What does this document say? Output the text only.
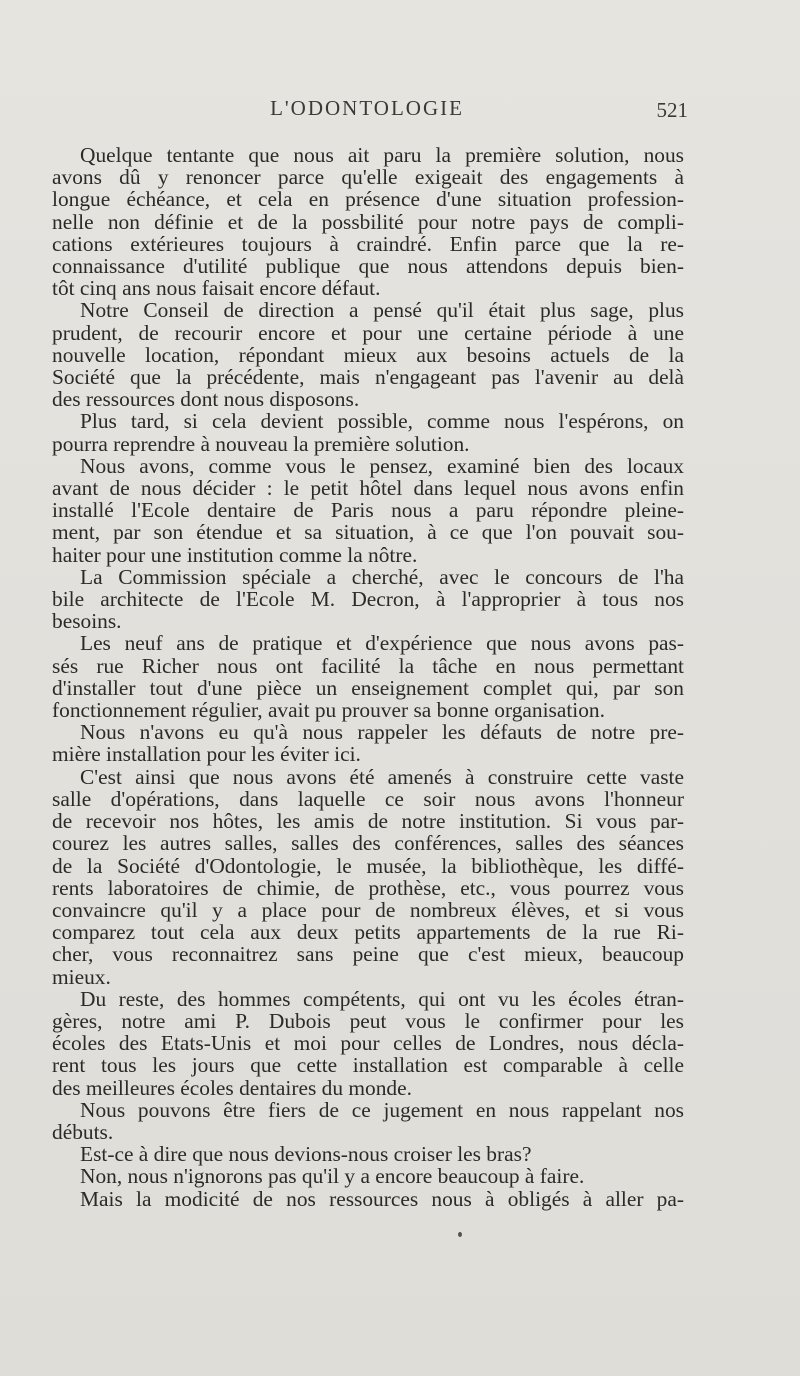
L'ODONTOLOGIE	521

Quelque tentante que nous ait paru la première solution, nous
avons dû y renoncer parce qu'elle exigeait des engagements à
longue échéance, et cela en présence d'une situation profession-
nelle non définie et de la possbilité pour notre pays de compli-
cations extérieures toujours à craindré. Enfin parce que la re-
connaissance d'utilité publique que nous attendons depuis bien-
tôt cinq ans nous faisait encore défaut.

Notre Conseil de direction a pensé qu'il était plus sage, plus
prudent, de recourir encore et pour une certaine période à une
nouvelle location, répondant mieux aux besoins actuels de la
Société que la précédente, mais n'engageant pas l'avenir au delà
des ressources dont nous disposons.

Plus tard, si cela devient possible, comme nous l'espérons, on
pourra reprendre à nouveau la première solution.

Nous avons, comme vous le pensez, examiné bien des locaux
avant de nous décider : le petit hôtel dans lequel nous avons enfin
installé l'Ecole dentaire de Paris nous a paru répondre pleine-
ment, par son étendue et sa situation, à ce que l'on pouvait sou-
haiter pour une institution comme la nôtre.

La Commission spéciale a cherché, avec le concours de l'ha
bile architecte de l'Ecole M. Decron, à l'approprier à tous nos
besoins.

Les neuf ans de pratique et d'expérience que nous avons pas-
sés rue Richer nous ont facilité la tâche en nous permettant
d'installer tout d'une pièce un enseignement complet qui, par son
fonctionnement régulier, avait pu prouver sa bonne organisation.

Nous n'avons eu qu'à nous rappeler les défauts de notre pre-
mière installation pour les éviter ici.

C'est ainsi que nous avons été amenés à construire cette vaste
salle d'opérations, dans laquelle ce soir nous avons l'honneur
de recevoir nos hôtes, les amis de notre institution. Si vous par-
courez les autres salles, salles des conférences, salles des séances
de la Société d'Odontologie, le musée, la bibliothèque, les diffé-
rents laboratoires de chimie, de prothèse, etc., vous pourrez vous
convaincre qu'il y a place pour de nombreux élèves, et si vous
comparez tout cela aux deux petits appartements de la rue Ri-
cher, vous reconnaitrez sans peine que c'est mieux, beaucoup
mieux.

Du reste, des hommes compétents, qui ont vu les écoles étran-
gères, notre ami P. Dubois peut vous le confirmer pour les
écoles des Etats-Unis et moi pour celles de Londres, nous décla-
rent tous les jours que cette installation est comparable à celle
des meilleures écoles dentaires du monde.

Nous pouvons être fiers de ce jugement en nous rappelant nos
débuts.

Est-ce à dire que nous devions-nous croiser les bras?

Non, nous n'ignorons pas qu'il y a encore beaucoup à faire.

Mais la modicité de nos ressources nous à obligés à aller pa-
